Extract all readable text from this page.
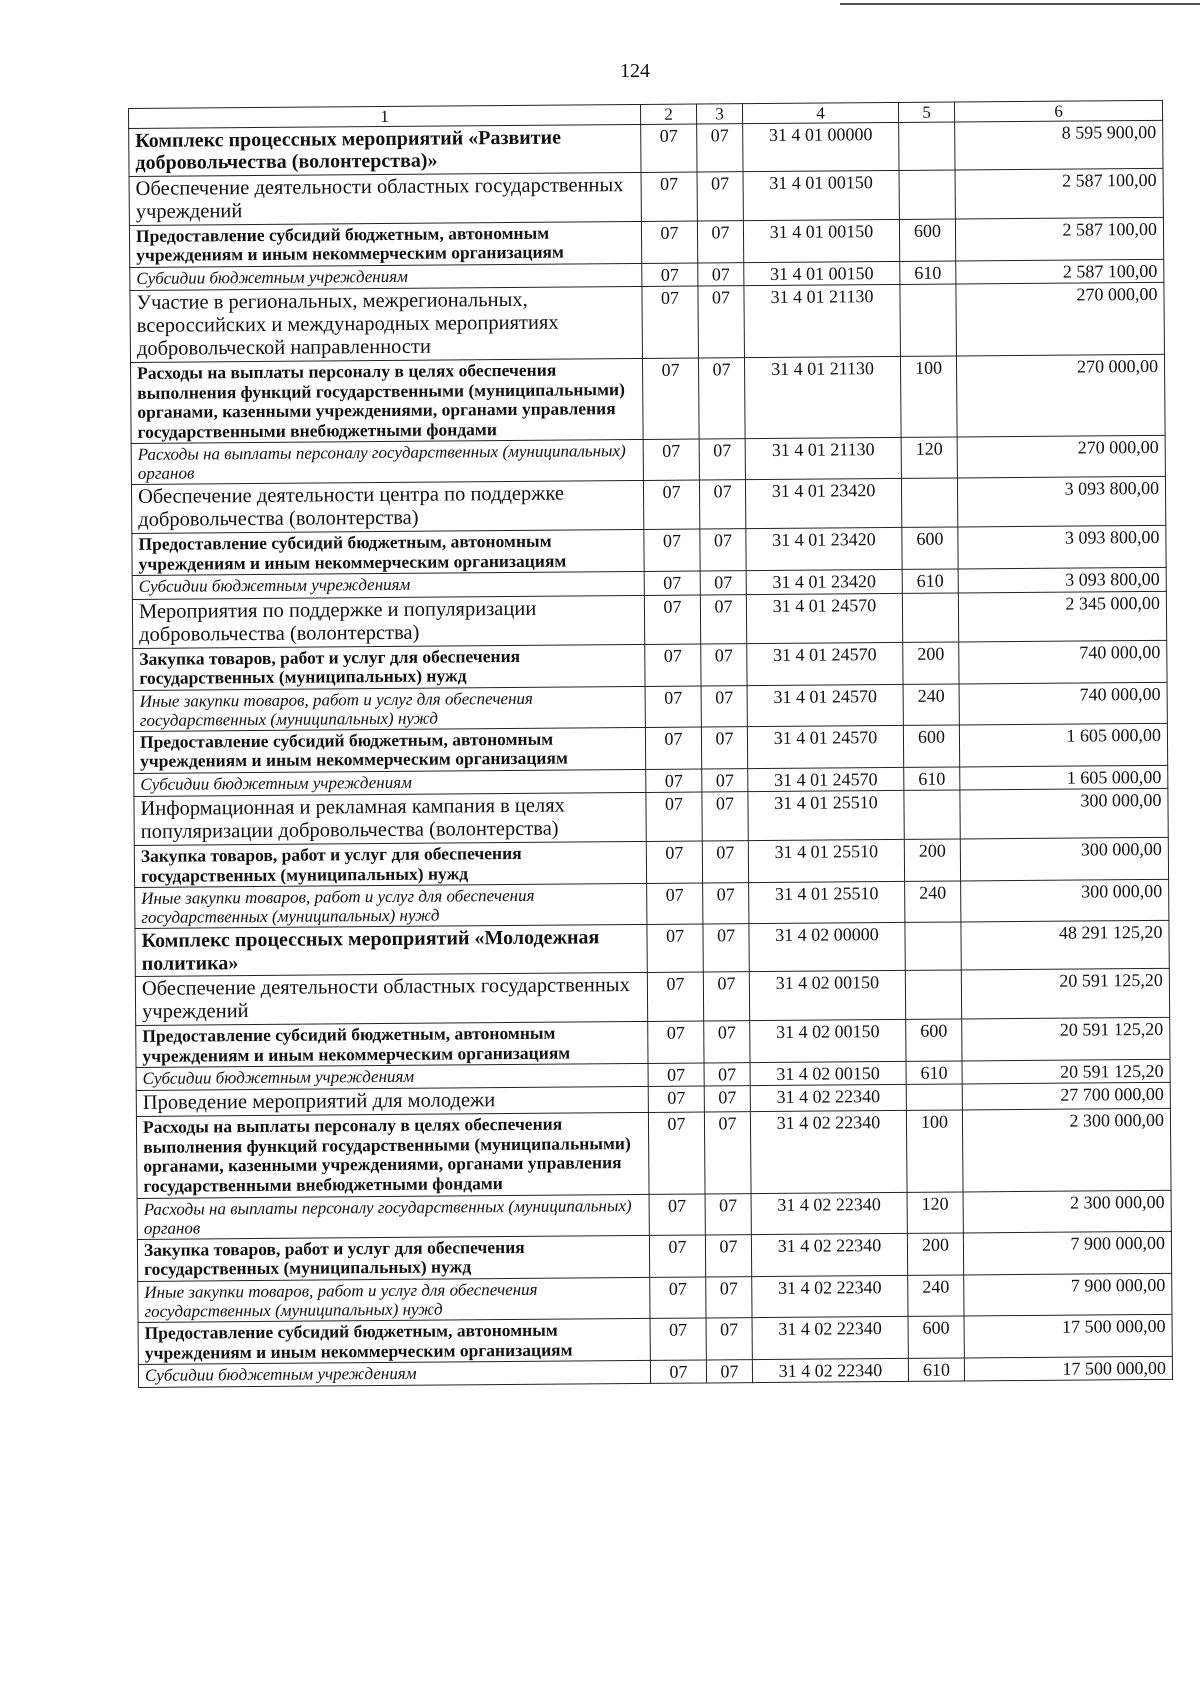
124
1	2	3	4	5	6
Комплекс процессных мероприятий «Развитие добровольчества (волонтерства)»	07	07	31 4 01 00000		8 595 900,00
Обеспечение деятельности областных государственных учреждений	07	07	31 4 01 00150		2 587 100,00
Предоставление субсидий бюджетным, автономным учреждениям и иным некоммерческим организациям	07	07	31 4 01 00150	600	2 587 100,00
Субсидии бюджетным учреждениям	07	07	31 4 01 00150	610	2 587 100,00
Участие в региональных, межрегиональных, всероссийских и международных мероприятиях добровольческой направленности	07	07	31 4 01 21130		270 000,00
Расходы на выплаты персоналу в целях обеспечения выполнения функций государственными (муниципальными) органами, казенными учреждениями, органами управления государственными внебюджетными фондами	07	07	31 4 01 21130	100	270 000,00
Расходы на выплаты персоналу государственных (муниципальных) органов	07	07	31 4 01 21130	120	270 000,00
Обеспечение деятельности центра по поддержке добровольчества (волонтерства)	07	07	31 4 01 23420		3 093 800,00
Предоставление субсидий бюджетным, автономным учреждениям и иным некоммерческим организациям	07	07	31 4 01 23420	600	3 093 800,00
Субсидии бюджетным учреждениям	07	07	31 4 01 23420	610	3 093 800,00
Мероприятия по поддержке и популяризации добровольчества (волонтерства)	07	07	31 4 01 24570		2 345 000,00
Закупка товаров, работ и услуг для обеспечения государственных (муниципальных) нужд	07	07	31 4 01 24570	200	740 000,00
Иные закупки товаров, работ и услуг для обеспечения государственных (муниципальных) нужд	07	07	31 4 01 24570	240	740 000,00
Предоставление субсидий бюджетным, автономным учреждениям и иным некоммерческим организациям	07	07	31 4 01 24570	600	1 605 000,00
Субсидии бюджетным учреждениям	07	07	31 4 01 24570	610	1 605 000,00
Информационная и рекламная кампания в целях популяризации добровольчества (волонтерства)	07	07	31 4 01 25510		300 000,00
Закупка товаров, работ и услуг для обеспечения государственных (муниципальных) нужд	07	07	31 4 01 25510	200	300 000,00
Иные закупки товаров, работ и услуг для обеспечения государственных (муниципальных) нужд	07	07	31 4 01 25510	240	300 000,00
Комплекс процессных мероприятий «Молодежная политика»	07	07	31 4 02 00000		48 291 125,20
Обеспечение деятельности областных государственных учреждений	07	07	31 4 02 00150		20 591 125,20
Предоставление субсидий бюджетным, автономным учреждениям и иным некоммерческим организациям	07	07	31 4 02 00150	600	20 591 125,20
Субсидии бюджетным учреждениям	07	07	31 4 02 00150	610	20 591 125,20
Проведение мероприятий для молодежи	07	07	31 4 02 22340		27 700 000,00
Расходы на выплаты персоналу в целях обеспечения выполнения функций государственными (муниципальными) органами, казенными учреждениями, органами управления государственными внебюджетными фондами	07	07	31 4 02 22340	100	2 300 000,00
Расходы на выплаты персоналу государственных (муниципальных) органов	07	07	31 4 02 22340	120	2 300 000,00
Закупка товаров, работ и услуг для обеспечения государственных (муниципальных) нужд	07	07	31 4 02 22340	200	7 900 000,00
Иные закупки товаров, работ и услуг для обеспечения государственных (муниципальных) нужд	07	07	31 4 02 22340	240	7 900 000,00
Предоставление субсидий бюджетным, автономным учреждениям и иным некоммерческим организациям	07	07	31 4 02 22340	600	17 500 000,00
Субсидии бюджетным учреждениям	07	07	31 4 02 22340	610	17 500 000,00
